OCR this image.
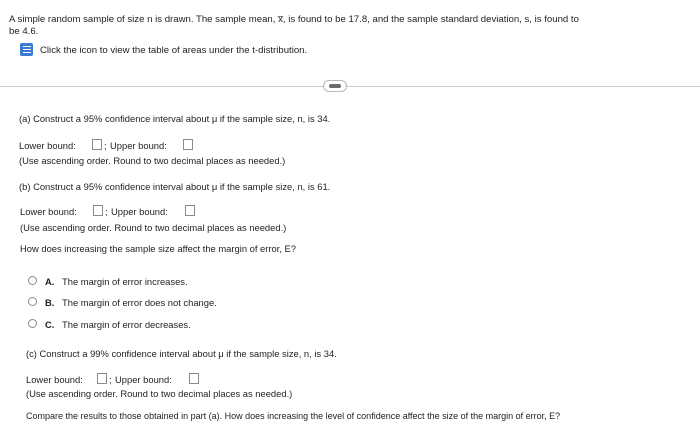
A simple random sample of size n is drawn. The sample mean, x̅, is found to be 17.8, and the sample standard deviation, s, is found to
be 4.6.
Click the icon to view the table of areas under the t-distribution.
(a) Construct a 95% confidence interval about μ if the sample size, n, is 34.
Lower bound:	; Upper bound:
(Use ascending order. Round to two decimal places as needed.)
(b) Construct a 95% confidence interval about μ if the sample size, n, is 61.
Lower bound:	; Upper bound:
(Use ascending order. Round to two decimal places as needed.)
How does increasing the sample size affect the margin of error, E?
A. The margin of error increases.
B. The margin of error does not change.
C. The margin of error decreases.
(c) Construct a 99% confidence interval about μ if the sample size, n, is 34.
Lower bound:	; Upper bound:
(Use ascending order. Round to two decimal places as needed.)
Compare the results to those obtained in part (a). How does increasing the level of confidence affect the size of the margin of error, E?
